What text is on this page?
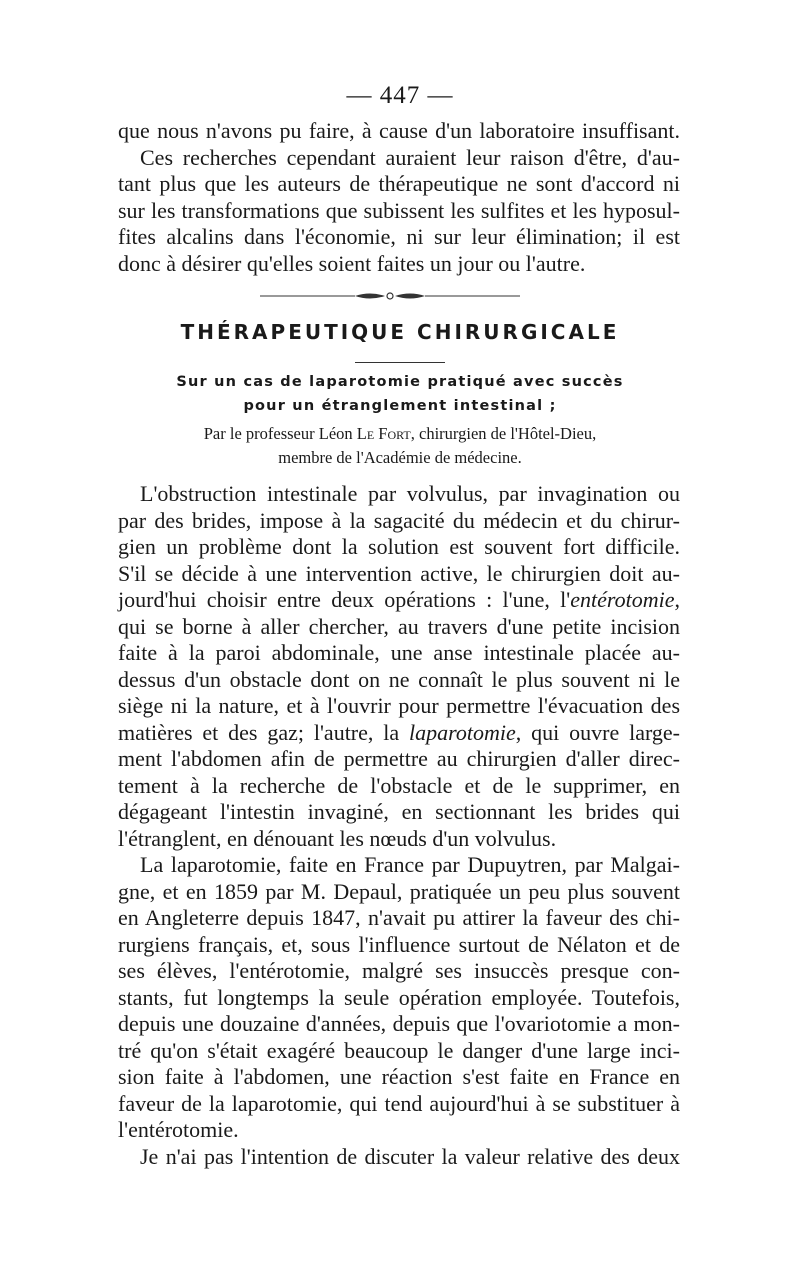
— 447 —
que nous n'avons pu faire, à cause d'un laboratoire insuffisant.
Ces recherches cependant auraient leur raison d'être, d'au-
tant plus que les auteurs de thérapeutique ne sont d'accord ni
sur les transformations que subissent les sulfites et les hyposul-
fites alcalins dans l'économie, ni sur leur élimination; il est
donc à désirer qu'elles soient faites un jour ou l'autre.
THÉRAPEUTIQUE CHIRURGICALE
Sur un cas de laparotomie pratiqué avec succès
pour un étranglement intestinal ;
Par le professeur Léon Le Fort, chirurgien de l'Hôtel-Dieu,
membre de l'Académie de médecine.
L'obstruction intestinale par volvulus, par invagination ou
par des brides, impose à la sagacité du médecin et du chirur-
gien un problème dont la solution est souvent fort difficile.
S'il se décide à une intervention active, le chirurgien doit au-
jourd'hui choisir entre deux opérations : l'une, l'entérotomie,
qui se borne à aller chercher, au travers d'une petite incision
faite à la paroi abdominale, une anse intestinale placée au-
dessus d'un obstacle dont on ne connaît le plus souvent ni le
siège ni la nature, et à l'ouvrir pour permettre l'évacuation des
matières et des gaz; l'autre, la laparotomie, qui ouvre large-
ment l'abdomen afin de permettre au chirurgien d'aller direc-
tement à la recherche de l'obstacle et de le supprimer, en
dégageant l'intestin invaginé, en sectionnant les brides qui
l'étranglent, en dénouant les nœuds d'un volvulus.
La laparotomie, faite en France par Dupuytren, par Malgai-
gne, et en 1859 par M. Depaul, pratiquée un peu plus souvent
en Angleterre depuis 1847, n'avait pu attirer la faveur des chi-
rurgiens français, et, sous l'influence surtout de Nélaton et de
ses élèves, l'entérotomie, malgré ses insuccès presque con-
stants, fut longtemps la seule opération employée. Toutefois,
depuis une douzaine d'années, depuis que l'ovariotomie a mon-
tré qu'on s'était exagéré beaucoup le danger d'une large inci-
sion faite à l'abdomen, une réaction s'est faite en France en
faveur de la laparotomie, qui tend aujourd'hui à se substituer à
l'entérotomie.
Je n'ai pas l'intention de discuter la valeur relative des deux
